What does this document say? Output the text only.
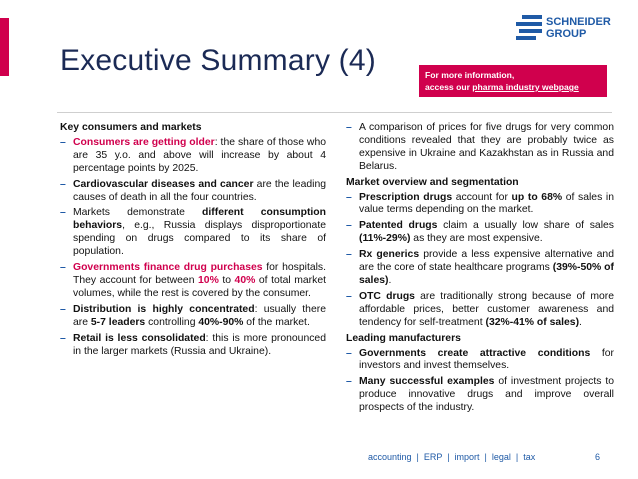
Executive Summary (4)
SCHNEIDER
GROUP
For more information,
access our pharma industry webpage
Key consumers and markets
– Consumers are getting older: the share of those who are 35 y.o. and above will increase by about 4 percentage points by 2025.
– Cardiovascular diseases and cancer are the leading causes of death in all the four countries.
– Markets demonstrate different consumption behaviors, e.g., Russia displays disproportionate spending on drugs compared to its share of population.
– Governments finance drug purchases for hospitals. They account for between 10% to 40% of total market volumes, while the rest is covered by the consumer.
– Distribution is highly concentrated: usually there are 5-7 leaders controlling 40%-90% of the market.
– Retail is less consolidated: this is more pronounced in the larger markets (Russia and Ukraine).
– A comparison of prices for five drugs for very common conditions revealed that they are probably twice as expensive in Ukraine and Kazakhstan as in Russia and Belarus.
Market overview and segmentation
– Prescription drugs account for up to 68% of sales in value terms depending on the market.
– Patented drugs claim a usually low share of sales (11%-29%) as they are most expensive.
– Rx generics provide a less expensive alternative and are the core of state healthcare programs (39%-50% of sales).
– OTC drugs are traditionally strong because of more affordable prices, better customer awareness and tendency for self-treatment (32%-41% of sales).
Leading manufacturers
– Governments create attractive conditions for investors and invest themselves.
– Many successful examples of investment projects to produce innovative drugs and improve overall prospects of the industry.
accounting  |  ERP  |  import  |  legal  |  tax	6
